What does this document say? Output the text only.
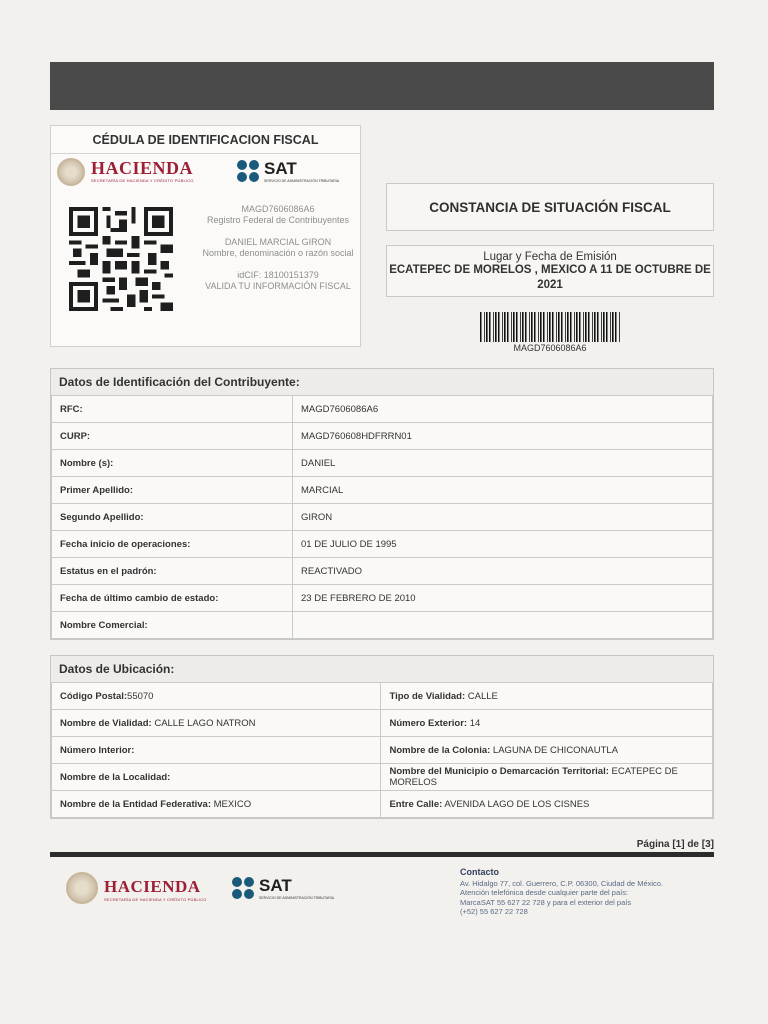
CÉDULA DE IDENTIFICACION FISCAL
HACIENDA
SECRETARÍA DE HACIENDA Y CRÉDITO PÚBLICO
SAT
SERVICIO DE ADMINISTRACIÓN TRIBUTARIA

MAGD7606086A6

Registro Federal de Contribuyentes

DANIEL MARCIAL GIRON

Nombre, denominación o razón social

idCIF: 18100151379

VALIDA TU INFORMACIÓN FISCAL

CONSTANCIA DE SITUACIÓN FISCAL
Lugar y Fecha de Emisión
ECATEPEC DE MORELOS , MEXICO A 11 DE OCTUBRE DE 2021
MAGD7606086A6
Datos de Identificación del Contribuyente:
RFC:	MAGD7606086A6
CURP:	MAGD760608HDFRRN01
Nombre (s):	DANIEL
Primer Apellido:	MARCIAL
Segundo Apellido:	GIRON
Fecha inicio de operaciones:	01 DE JULIO DE 1995
Estatus en el padrón:	REACTIVADO
Fecha de último cambio de estado:	23 DE FEBRERO DE 2010
Nombre Comercial:	
Datos de Ubicación:
Código Postal:55070	Tipo de Vialidad: CALLE
Nombre de Vialidad: CALLE LAGO NATRON	Número Exterior: 14
Número Interior:	Nombre de la Colonia: LAGUNA DE CHICONAUTLA
Nombre de la Localidad:	Nombre del Municipio o Demarcación Territorial: ECATEPEC DE MORELOS
Nombre de la Entidad Federativa: MEXICO	Entre Calle: AVENIDA LAGO DE LOS CISNES
Página [1] de [3]
HACIENDA
SECRETARÍA DE HACIENDA Y CRÉDITO PÚBLICO
SAT
SERVICIO DE ADMINISTRACIÓN TRIBUTARIA
Contacto
Av. Hidalgo 77, col. Guerrero, C.P. 06300, Ciudad de México.
Atención telefónica desde cualquier parte del país:
MarcaSAT 55 627 22 728 y para el exterior del país
(+52) 55 627 22 728
